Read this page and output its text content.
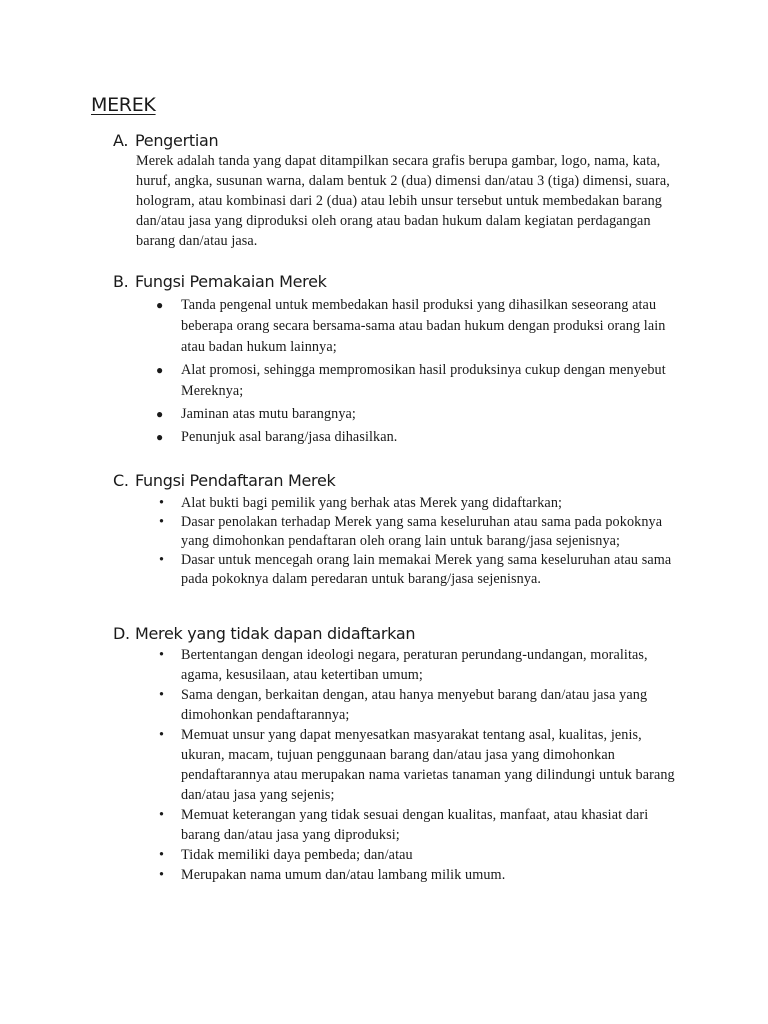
MEREK
A. Pengertian

Merek adalah tanda yang dapat ditampilkan secara grafis berupa gambar, logo, nama, kata, huruf, angka, susunan warna, dalam bentuk 2 (dua) dimensi dan/atau 3 (tiga) dimensi, suara, hologram, atau kombinasi dari 2 (dua) atau lebih unsur tersebut untuk membedakan barang dan/atau jasa yang diproduksi oleh orang atau badan hukum dalam kegiatan perdagangan barang dan/atau jasa.

B. Fungsi Pemakaian Merek
● Tanda pengenal untuk membedakan hasil produksi yang dihasilkan seseorang atau beberapa orang secara bersama-sama atau badan hukum dengan produksi orang lain atau badan hukum lainnya;
● Alat promosi, sehingga mempromosikan hasil produksinya cukup dengan menyebut Mereknya;
● Jaminan atas mutu barangnya;
● Penunjuk asal barang/jasa dihasilkan.
C. Fungsi Pendaftaran Merek
• Alat bukti bagi pemilik yang berhak atas Merek yang didaftarkan;
• Dasar penolakan terhadap Merek yang sama keseluruhan atau sama pada pokoknya yang dimohonkan pendaftaran oleh orang lain untuk barang/jasa sejenisnya;
• Dasar untuk mencegah orang lain memakai Merek yang sama keseluruhan atau sama pada pokoknya dalam peredaran untuk barang/jasa sejenisnya.
D. Merek yang tidak dapan didaftarkan
• Bertentangan dengan ideologi negara, peraturan perundang-undangan, moralitas, agama, kesusilaan, atau ketertiban umum;
• Sama dengan, berkaitan dengan, atau hanya menyebut barang dan/atau jasa yang dimohonkan pendaftarannya;
• Memuat unsur yang dapat menyesatkan masyarakat tentang asal, kualitas, jenis, ukuran, macam, tujuan penggunaan barang dan/atau jasa yang dimohonkan pendaftarannya atau merupakan nama varietas tanaman yang dilindungi untuk barang dan/atau jasa yang sejenis;
• Memuat keterangan yang tidak sesuai dengan kualitas, manfaat, atau khasiat dari barang dan/atau jasa yang diproduksi;
• Tidak memiliki daya pembeda; dan/atau
• Merupakan nama umum dan/atau lambang milik umum.
